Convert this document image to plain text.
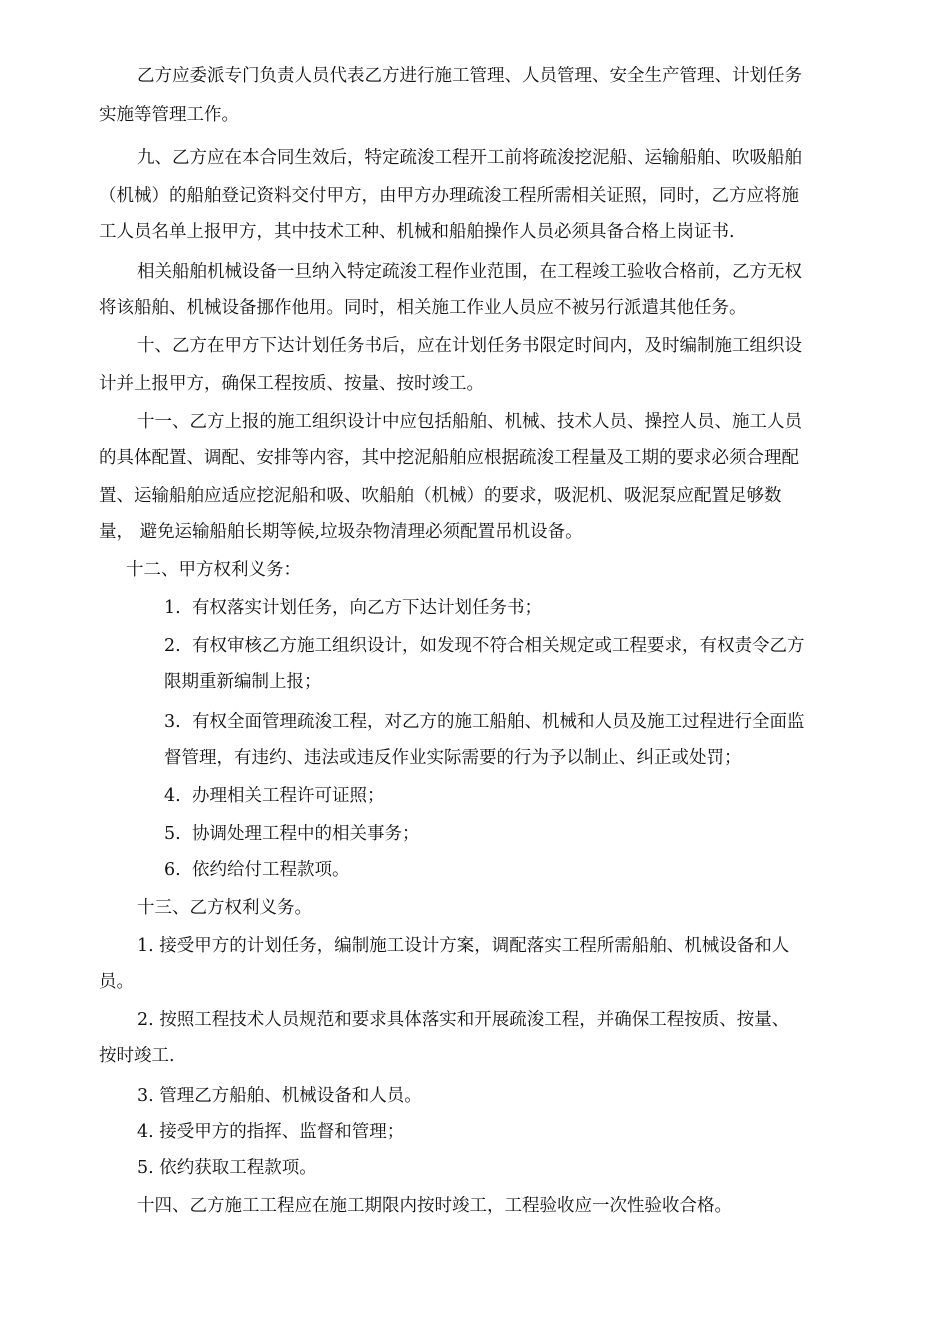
乙方应委派专门负责人员代表乙方进行施工管理、人员管理、安全生产管理、计划任务
实施等管理工作。
九、乙方应在本合同生效后，特定疏浚工程开工前将疏浚挖泥船、运输船舶、吹吸船舶
（机械）的船舶登记资料交付甲方，由甲方办理疏浚工程所需相关证照，同时，乙方应将施
工人员名单上报甲方，其中技术工种、机械和船舶操作人员必须具备合格上岗证书.
相关船舶机械设备一旦纳入特定疏浚工程作业范围，在工程竣工验收合格前，乙方无权
将该船舶、机械设备挪作他用。同时，相关施工作业人员应不被另行派遣其他任务。
十、乙方在甲方下达计划任务书后，应在计划任务书限定时间内，及时编制施工组织设
计并上报甲方，确保工程按质、按量、按时竣工。
十一、乙方上报的施工组织设计中应包括船舶、机械、技术人员、操控人员、施工人员
的具体配置、调配、安排等内容，其中挖泥船舶应根据疏浚工程量及工期的要求必须合理配
置、运输船舶应适应挖泥船和吸、吹船舶（机械）的要求，吸泥机、吸泥泵应配置足够数
量， 避免运输船舶长期等候,垃圾杂物清理必须配置吊机设备。
十二、甲方权利义务：
1. 有权落实计划任务，向乙方下达计划任务书；
2. 有权审核乙方施工组织设计，如发现不符合相关规定或工程要求，有权责令乙方
限期重新编制上报；
3. 有权全面管理疏浚工程，对乙方的施工船舶、机械和人员及施工过程进行全面监
督管理，有违约、违法或违反作业实际需要的行为予以制止、纠正或处罚；
4. 办理相关工程许可证照；
5. 协调处理工程中的相关事务；
6. 依约给付工程款项。
十三、乙方权利义务。
1. 接受甲方的计划任务，编制施工设计方案，调配落实工程所需船舶、机械设备和人
员。
2. 按照工程技术人员规范和要求具体落实和开展疏浚工程，并确保工程按质、按量、
按时竣工.
3. 管理乙方船舶、机械设备和人员。
4. 接受甲方的指挥、监督和管理；
5. 依约获取工程款项。
十四、乙方施工工程应在施工期限内按时竣工，工程验收应一次性验收合格。
